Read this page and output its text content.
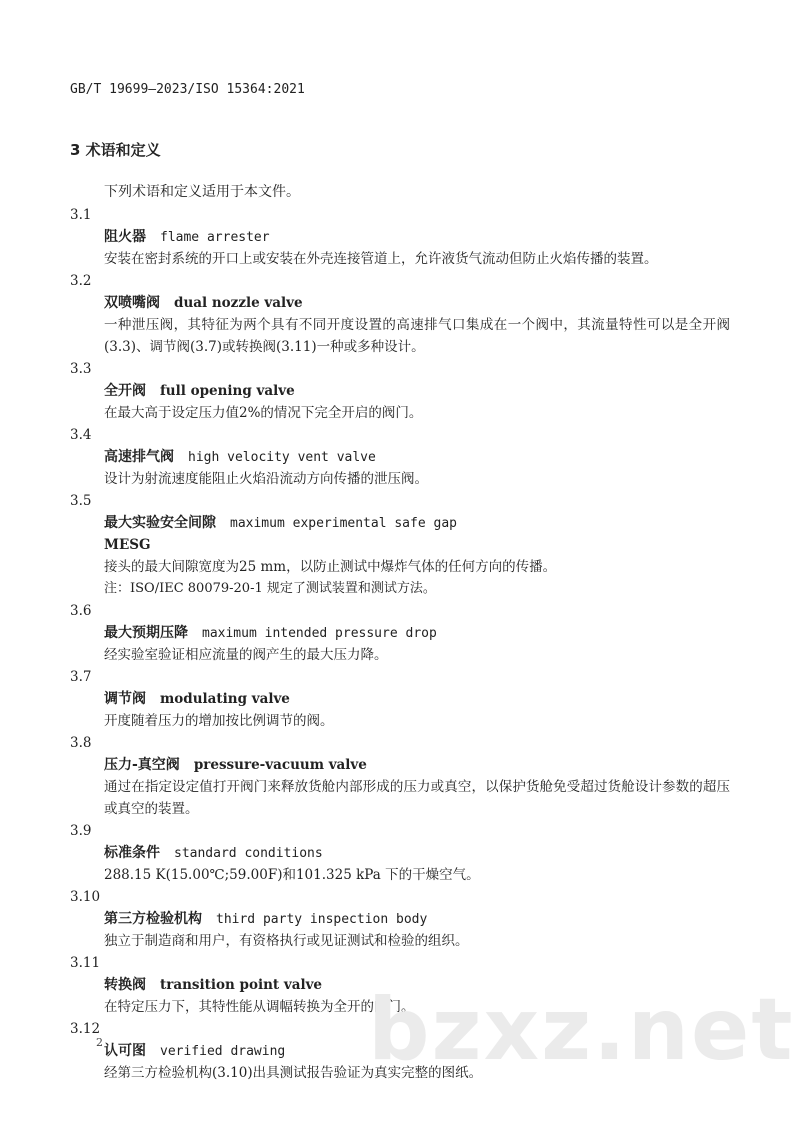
GB/T 19699—2023/ISO 15364:2021
3 术语和定义
下列术语和定义适用于本文件。
3.1
阻火器 flame arrester
安装在密封系统的开口上或安装在外壳连接管道上，允许液货气流动但防止火焰传播的装置。
3.2
双喷嘴阀 dual nozzle valve
一种泄压阀，其特征为两个具有不同开度设置的高速排气口集成在一个阀中，其流量特性可以是全开阀(3.3)、调节阀(3.7)或转换阀(3.11)一种或多种设计。
3.3
全开阀 full opening valve
在最大高于设定压力值2%的情况下完全开启的阀门。
3.4
高速排气阀 high velocity vent valve
设计为射流速度能阻止火焰沿流动方向传播的泄压阀。
3.5
最大实验安全间隙 maximum experimental safe gap
MESG
接头的最大间隙宽度为25 mm，以防止测试中爆炸气体的任何方向的传播。
注：ISO/IEC 80079-20-1 规定了测试装置和测试方法。
3.6
最大预期压降 maximum intended pressure drop
经实验室验证相应流量的阀产生的最大压力降。
3.7
调节阀 modulating valve
开度随着压力的增加按比例调节的阀。
3.8
压力-真空阀 pressure-vacuum valve
通过在指定设定值打开阀门来释放货舱内部形成的压力或真空，以保护货舱免受超过货舱设计参数的超压或真空的装置。
3.9
标准条件 standard conditions
288.15 K(15.00℃;59.00F)和101.325 kPa 下的干燥空气。
3.10
第三方检验机构 third party inspection body
独立于制造商和用户，有资格执行或见证测试和检验的组织。
3.11
转换阀 transition point valve
在特定压力下，其特性能从调幅转换为全开的阀门。
3.12
认可图 verified drawing
经第三方检验机构(3.10)出具测试报告验证为真实完整的图纸。
bzxz.net
2
